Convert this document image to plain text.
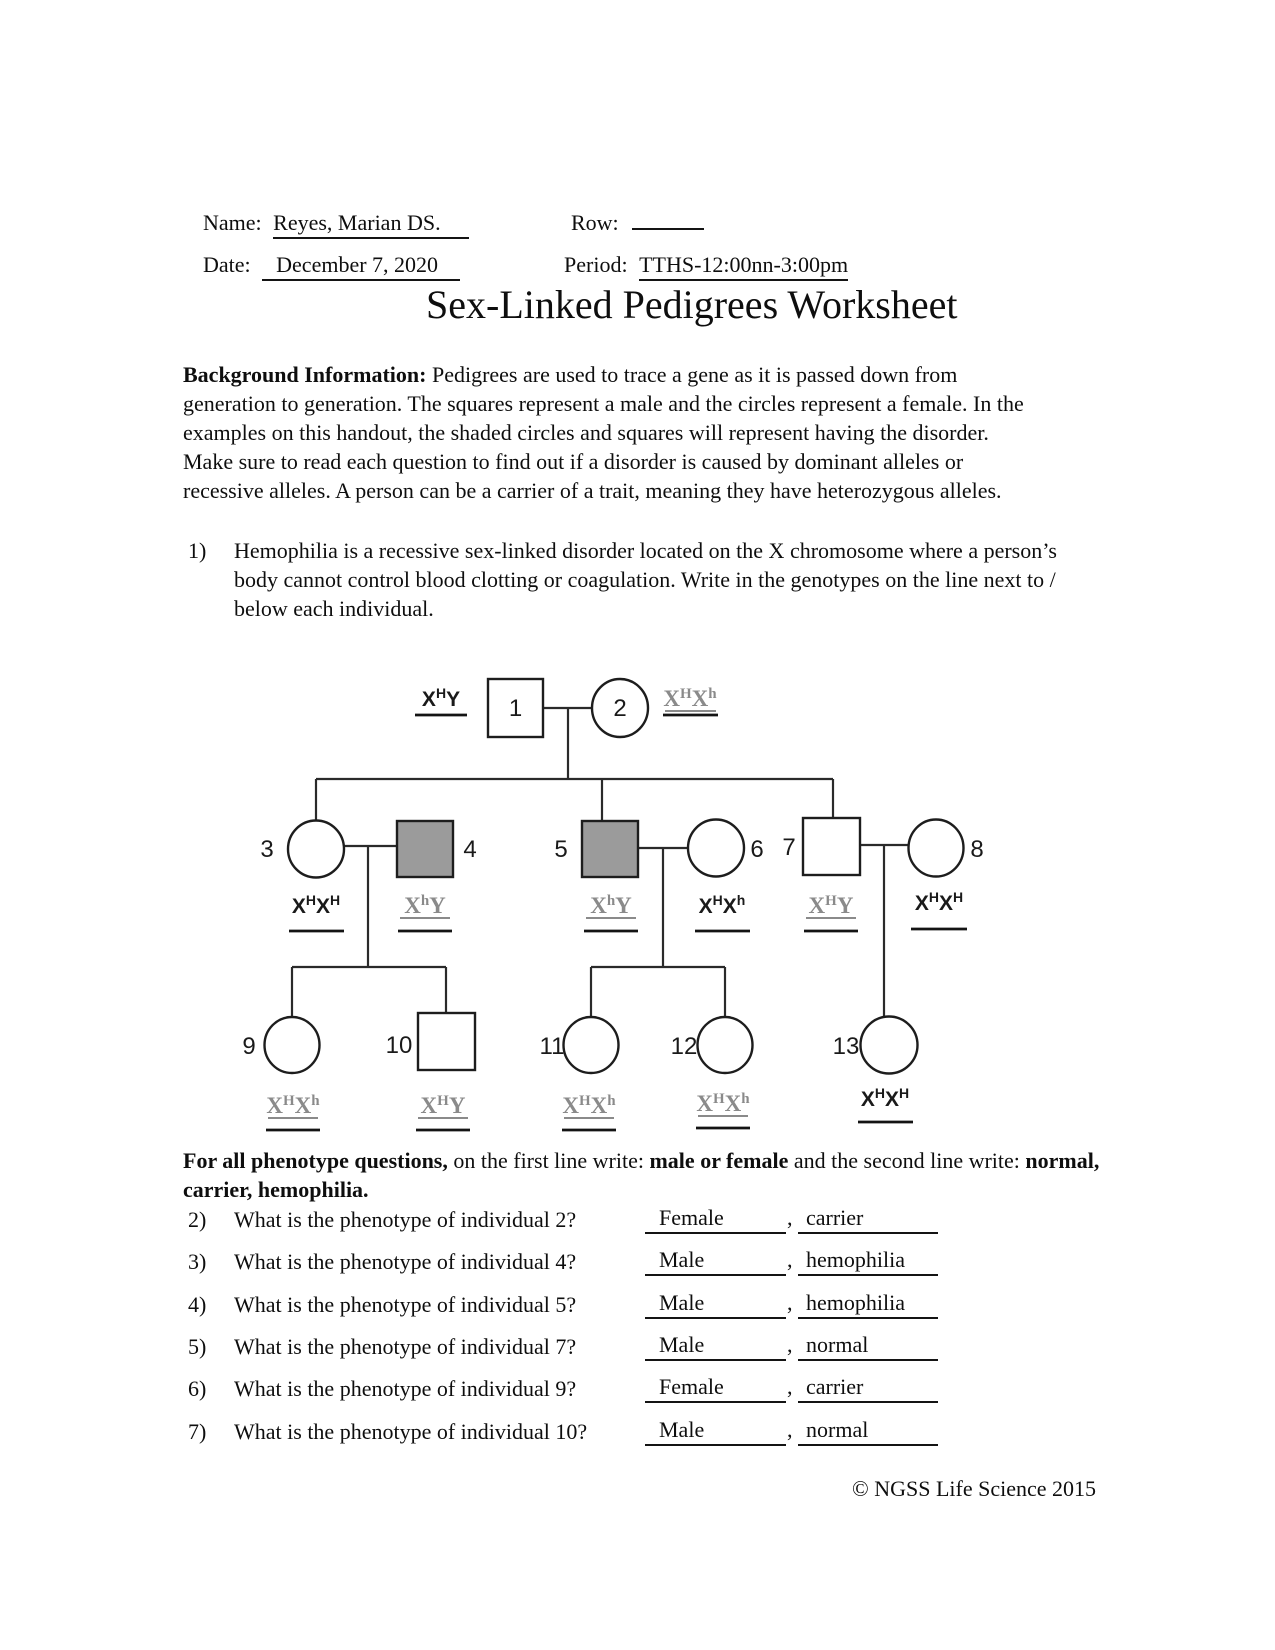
Name: Reyes, Marian DS.	Row:
Date: December 7, 2020	Period: TTHS-12:00nn-3:00pm
Sex-Linked Pedigrees Worksheet
Background Information: Pedigrees are used to trace a gene as it is passed down from
generation to generation. The squares represent a male and the circles represent a female. In the
examples on this handout, the shaded circles and squares will represent having the disorder.
Make sure to read each question to find out if a disorder is caused by dominant alleles or
recessive alleles. A person can be a carrier of a trait, meaning they have heterozygous alleles.
1) Hemophilia is a recessive sex-linked disorder located on the X chromosome where a person’s
body cannot control blood clotting or coagulation. Write in the genotypes on the line next to /
below each individual.
1	2
3	4	5	6 7	8
9	10	11	12	13
$X^HY$	$X^HX^h$
$X^HX^H$	$X^hY$	$X^hY$	$X^HX^h$	$X^HY$	$X^HX^H$
$X^HX^h$	$X^HY$	$X^HX^h$	$X^HX^h$	$X^HX^H$
For all phenotype questions, on the first line write: male or female and the second line write: normal,
carrier, hemophilia.
2)	What is the phenotype of individual 2?	Female	, carrier
3)	What is the phenotype of individual 4?	Male	, hemophilia
4)	What is the phenotype of individual 5?	Male	, hemophilia
5)	What is the phenotype of individual 7?	Male	, normal
6)	What is the phenotype of individual 9?	Female	, carrier
7)	What is the phenotype of individual 10?	Male	, normal
© NGSS Life Science 2015
